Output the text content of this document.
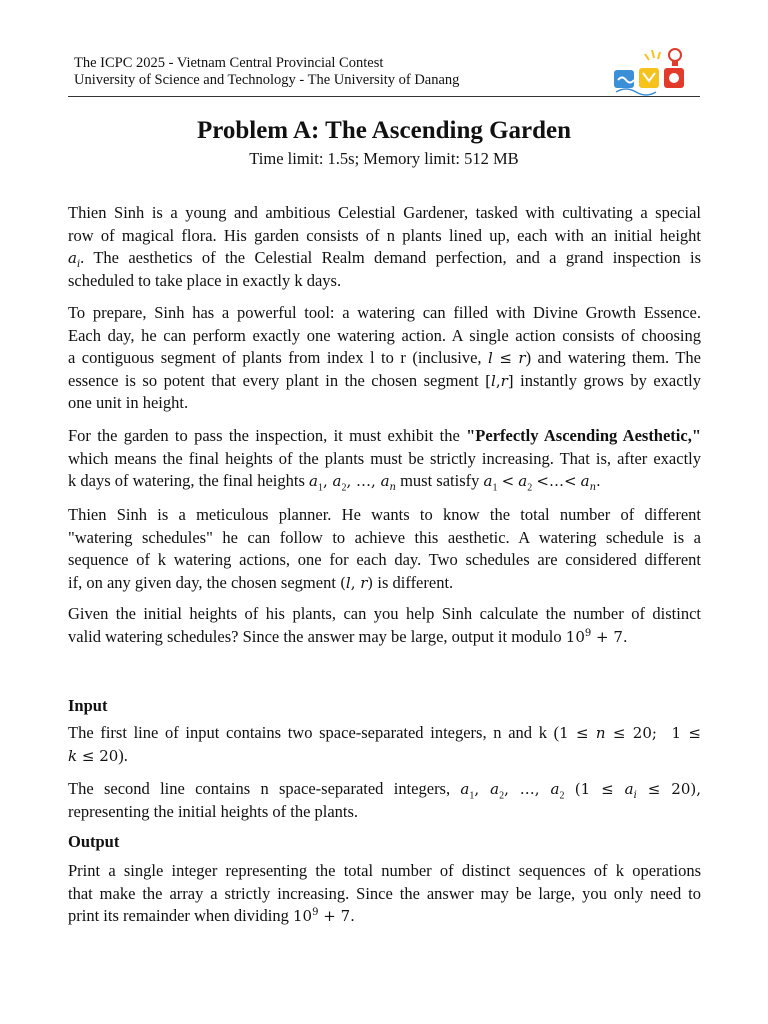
The ICPC 2025 - Vietnam Central Provincial Contest
University of Science and Technology - The University of Danang
Problem A: The Ascending Garden
Time limit: 1.5s; Memory limit: 512 MB
Thien Sinh is a young and ambitious Celestial Gardener, tasked with cultivating a special
row of magical flora. His garden consists of n plants lined up, each with an initial height
$a_i$. The aesthetics of the Celestial Realm demand perfection, and a grand inspection is
scheduled to take place in exactly k days.
To prepare, Sinh has a powerful tool: a watering can filled with Divine Growth Essence.
Each day, he can perform exactly one watering action. A single action consists of choosing
a contiguous segment of plants from index l to r (inclusive, l ≤ r) and watering them. The
essence is so potent that every plant in the chosen segment [l,r] instantly grows by exactly
one unit in height.
For the garden to pass the inspection, it must exhibit the "Perfectly Ascending Aesthetic,"
which means the final heights of the plants must be strictly increasing. That is, after exactly
k days of watering, the final heights $a_1$, $a_2$, …, $a_n$ must satisfy $a_1 < a_2$ <…< $a_n$.
Thien Sinh is a meticulous planner. He wants to know the total number of different
"watering schedules" he can follow to achieve this aesthetic. A watering schedule is a
sequence of k watering actions, one for each day. Two schedules are considered different
if, on any given day, the chosen segment (l, r) is different.
Given the initial heights of his plants, can you help Sinh calculate the number of distinct
valid watering schedules? Since the answer may be large, output it modulo $10^9 + 7$.
Input
The first line of input contains two space-separated integers, n and k (1 ≤ n ≤ 20;  1 ≤
k ≤ 20).
The second line contains n space-separated integers, $a_1$, $a_2$, …, $a_2$ $(1 \le a_i \le 20)$,
representing the initial heights of the plants.
Output
Print a single integer representing the total number of distinct sequences of k operations
that make the array a strictly increasing. Since the answer may be large, you only need to
print its remainder when dividing $10^9 + 7$.
